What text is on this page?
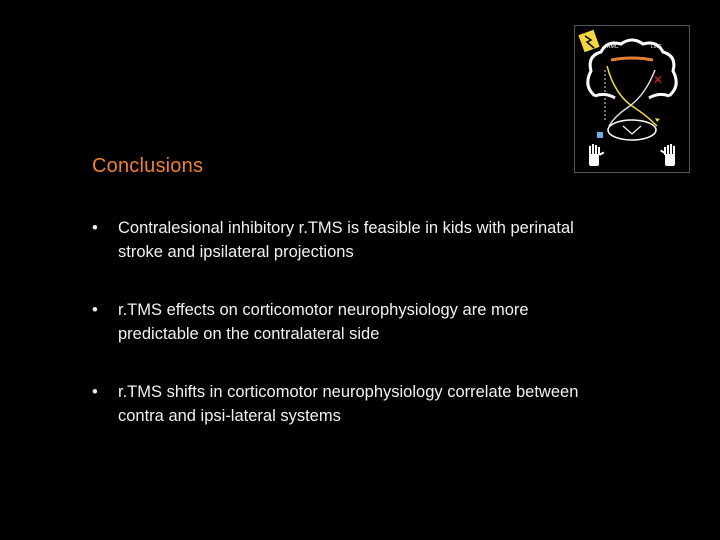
Conclusions
• Contralesional inhibitory r.TMS is feasible in kids with perinatal stroke and ipsilateral projections
• r.TMS effects on corticomotor neurophysiology are more predictable on the contralateral side
• r.TMS shifts in corticomotor neurophysiology correlate between contra and ipsi-lateral systems
RMC	LMC
✕
